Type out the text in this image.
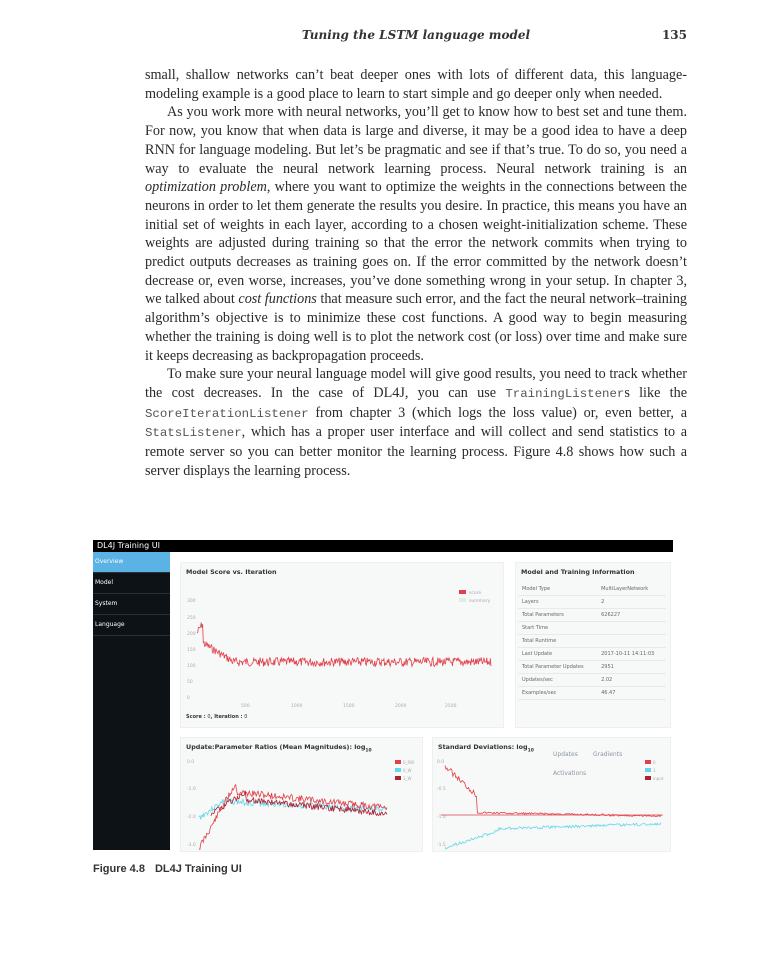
Tuning the LSTM language model	135

small, shallow networks can’t beat deeper ones with lots of different data, this language-modeling example is a good place to learn to start simple and go deeper only when needed.

As you work more with neural networks, you’ll get to know how to best set and tune them. For now, you know that when data is large and diverse, it may be a good idea to have a deep RNN for language modeling. But let’s be pragmatic and see if that’s true. To do so, you need a way to evaluate the neural network learning process. Neural network training is an optimization problem, where you want to optimize the weights in the connections between the neurons in order to let them generate the results you desire. In practice, this means you have an initial set of weights in each layer, according to a chosen weight-initialization scheme. These weights are adjusted during training so that the error the network commits when trying to predict outputs decreases as training goes on. If the error committed by the network doesn’t decrease or, even worse, increases, you’ve done something wrong in your setup. In chapter 3, we talked about cost functions that measure such error, and the fact the neural network–training algorithm’s objective is to minimize these cost functions. A good way to begin measuring whether the training is doing well is to plot the network cost (or loss) over time and make sure it keeps decreasing as backpropagation proceeds.

To make sure your neural language model will give good results, you need to track whether the cost decreases. In the case of DL4J, you can use TrainingListeners like the ScoreIterationListener from chapter 3 (which logs the loss value) or, even better, a StatsListener, which has a proper user interface and will collect and send statistics to a remote server so you can better monitor the learning process. Figure 4.8 shows how such a server displays the learning process.

DL4J Training UI
Overview
Model
System
Language
Model Score vs. Iteration
300
250
200
150
100
50
0
500	1000	1500	2000	2500
score
summary
Score : 0, Iteration : 0
Model and Training Information
Model Type	MultiLayerNetwork
Layers	2
Total Parameters	626227
Start Time	
Total Runtime	
Last Update	2017-10-11 14:11:03
Total Parameter Updates	2951
Updates/sec	2.02
Examples/sec	46.47
Update:Parameter Ratios (Mean Magnitudes): $\log_{10}$
0.0
-1.0
-2.0
-3.0
0_RW
0_W
1_W
Standard Deviations: $\log_{10}$
Updates	Gradients Activations
0.0
-0.5
-1.0
-1.5
0
1
input
Figure 4.8 DL4J Training UI
